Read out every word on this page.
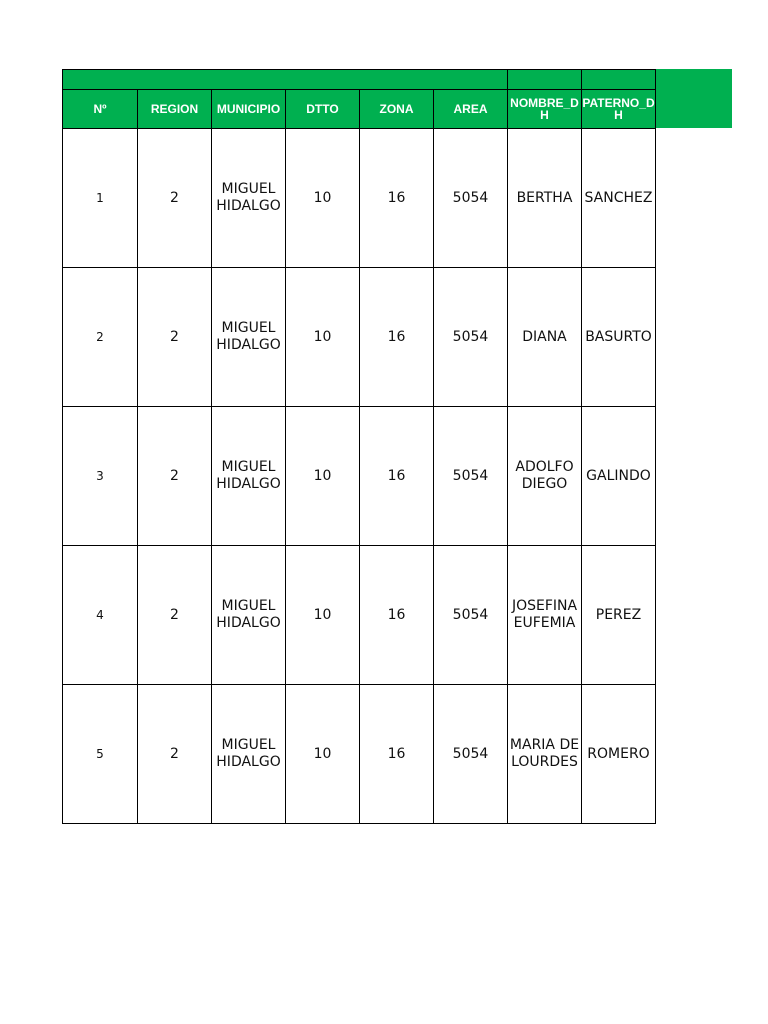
Nº	REGION	MUNICIPIO	DTTO	ZONA	AREA	NOMBRE_DH	PATERNO_DH
1	2	MIGUEL HIDALGO	10	16	5054	BERTHA	SANCHEZ
2	2	MIGUEL HIDALGO	10	16	5054	DIANA	BASURTO
3	2	MIGUEL HIDALGO	10	16	5054	ADOLFO DIEGO	GALINDO
4	2	MIGUEL HIDALGO	10	16	5054	JOSEFINA EUFEMIA	PEREZ
5	2	MIGUEL HIDALGO	10	16	5054	MARIA DE LOURDES	ROMERO
